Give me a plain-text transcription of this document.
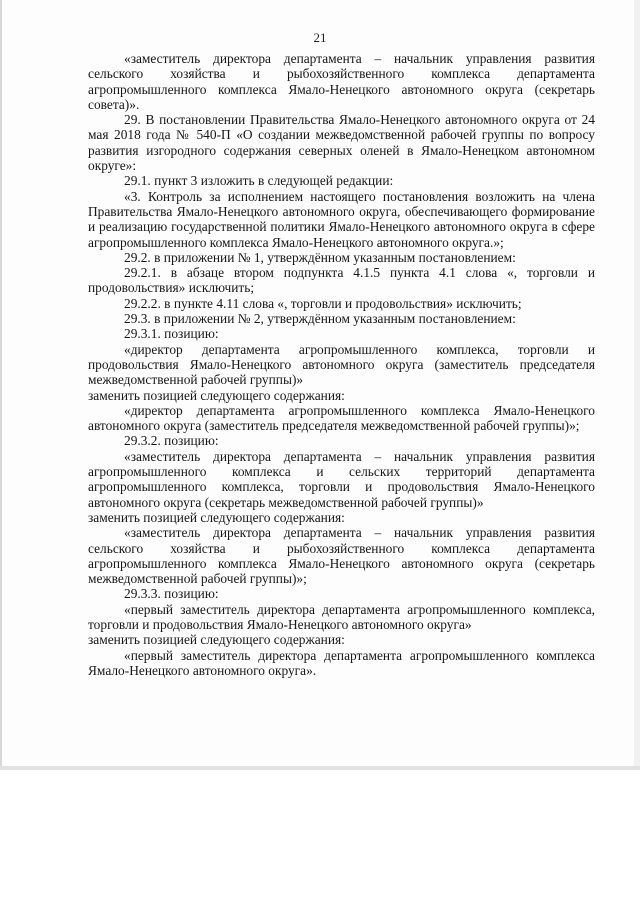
21

«заместитель директора департамента – начальник управления развития сельского хозяйства и рыбохозяйственного комплекса департамента агропромышленного комплекса Ямало-Ненецкого автономного округа (секретарь совета)».

29. В постановлении Правительства Ямало-Ненецкого автономного округа от 24 мая 2018 года № 540-П «О создании межведомственной рабочей группы по вопросу развития изгородного содержания северных оленей в Ямало-Ненецком автономном округе»:

29.1. пункт 3 изложить в следующей редакции:

«3. Контроль за исполнением настоящего постановления возложить на члена Правительства Ямало-Ненецкого автономного округа, обеспечивающего формирование и реализацию государственной политики Ямало-Ненецкого автономного округа в сфере агропромышленного комплекса Ямало-Ненецкого автономного округа.»;

29.2. в приложении № 1, утверждённом указанным постановлением:

29.2.1. в абзаце втором подпункта 4.1.5 пункта 4.1 слова «, торговли и продовольствия» исключить;

29.2.2. в пункте 4.11 слова «, торговли и продовольствия» исключить;

29.3. в приложении № 2, утверждённом указанным постановлением:

29.3.1. позицию:

«директор департамента агропромышленного комплекса, торговли и продовольствия Ямало-Ненецкого автономного округа (заместитель председателя межведомственной рабочей группы)»

заменить позицией следующего содержания:

«директор департамента агропромышленного комплекса Ямало-Ненецкого автономного округа (заместитель председателя межведомственной рабочей группы)»;

29.3.2. позицию:

«заместитель директора департамента – начальник управления развития агропромышленного комплекса и сельских территорий департамента агропромышленного комплекса, торговли и продовольствия Ямало-Ненецкого автономного округа (секретарь межведомственной рабочей группы)»

заменить позицией следующего содержания:

«заместитель директора департамента – начальник управления развития сельского хозяйства и рыбохозяйственного комплекса департамента агропромышленного комплекса Ямало-Ненецкого автономного округа (секретарь межведомственной рабочей группы)»;

29.3.3. позицию:

«первый заместитель директора департамента агропромышленного комплекса, торговли и продовольствия Ямало-Ненецкого автономного округа»

заменить позицией следующего содержания:

«первый заместитель директора департамента агропромышленного комплекса Ямало-Ненецкого автономного округа».
